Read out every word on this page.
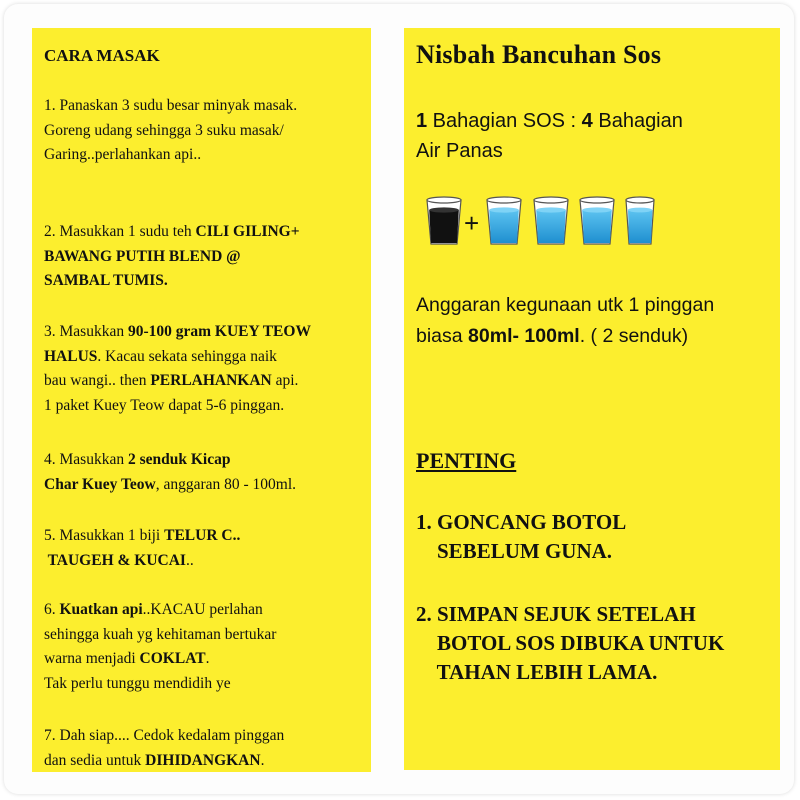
CARA MASAK
1. Panaskan 3 sudu besar minyak masak.
Goreng udang sehingga 3 suku masak/
Garing..perlahankan api..
2. Masukkan 1 sudu teh CILI GILING+
BAWANG PUTIH BLEND @
SAMBAL TUMIS.
3. Masukkan 90-100 gram KUEY TEOW
HALUS. Kacau sekata sehingga naik
bau wangi.. then PERLAHANKAN api.
1 paket Kuey Teow dapat 5-6 pinggan.
4. Masukkan 2 senduk Kicap
Char Kuey Teow, anggaran 80 - 100ml.
5. Masukkan 1 biji TELUR C..
TAUGEH & KUCAI..
6. Kuatkan api..KACAU perlahan
sehingga kuah yg kehitaman bertukar
warna menjadi COKLAT.
Tak perlu tunggu mendidih ye
7. Dah siap.... Cedok kedalam pinggan
dan sedia untuk DIHIDANGKAN.
Nisbah Bancuhan Sos
1 Bahagian SOS : 4 Bahagian
Air Panas
+
Anggaran kegunaan utk 1 pinggan
biasa 80ml- 100ml. ( 2 senduk)
PENTING
1. GONCANG BOTOL
SEBELUM GUNA.
2. SIMPAN SEJUK SETELAH
BOTOL SOS DIBUKA UNTUK
TAHAN LEBIH LAMA.
